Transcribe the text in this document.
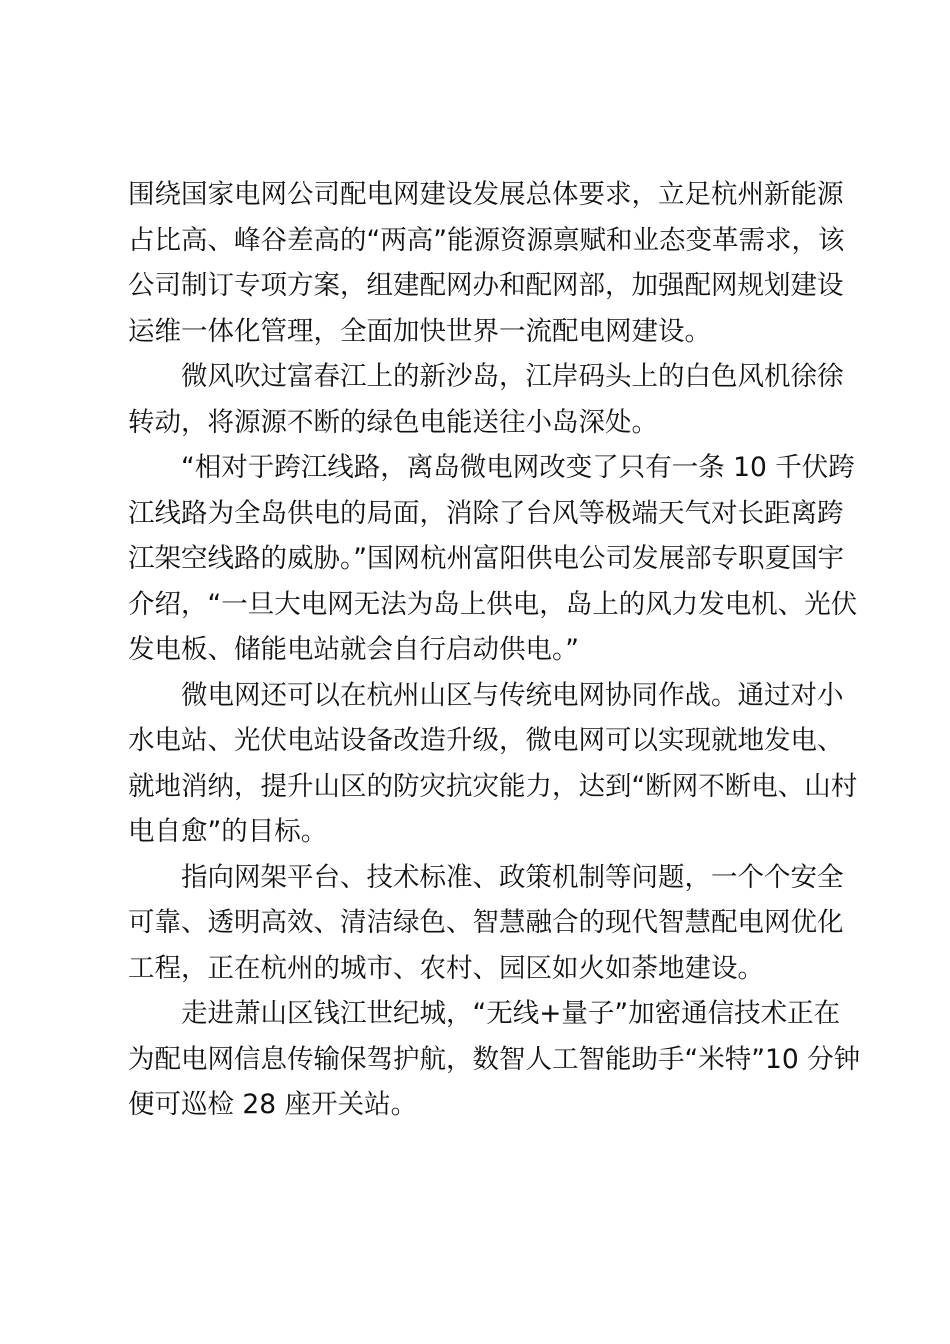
围绕国家电网公司配电网建设发展总体要求，立足杭州新能源
占比高、峰谷差高的“两高”能源资源禀赋和业态变革需求，该
公司制订专项方案，组建配网办和配网部，加强配网规划建设
运维一体化管理，全面加快世界一流配电网建设。
微风吹过富春江上的新沙岛，江岸码头上的白色风机徐徐
转动，将源源不断的绿色电能送往小岛深处。
“相对于跨江线路，离岛微电网改变了只有一条 10 千伏跨
江线路为全岛供电的局面，消除了台风等极端天气对长距离跨
江架空线路的威胁。”国网杭州富阳供电公司发展部专职夏国宇
介绍，“一旦大电网无法为岛上供电，岛上的风力发电机、光伏
发电板、储能电站就会自行启动供电。”
微电网还可以在杭州山区与传统电网协同作战。通过对小
水电站、光伏电站设备改造升级，微电网可以实现就地发电、
就地消纳，提升山区的防灾抗灾能力，达到“断网不断电、山村
电自愈”的目标。
指向网架平台、技术标准、政策机制等问题，一个个安全
可靠、透明高效、清洁绿色、智慧融合的现代智慧配电网优化
工程，正在杭州的城市、农村、园区如火如荼地建设。
走进萧山区钱江世纪城，“无线+量子”加密通信技术正在
为配电网信息传输保驾护航，数智人工智能助手“米特”10 分钟
便可巡检 28 座开关站。
